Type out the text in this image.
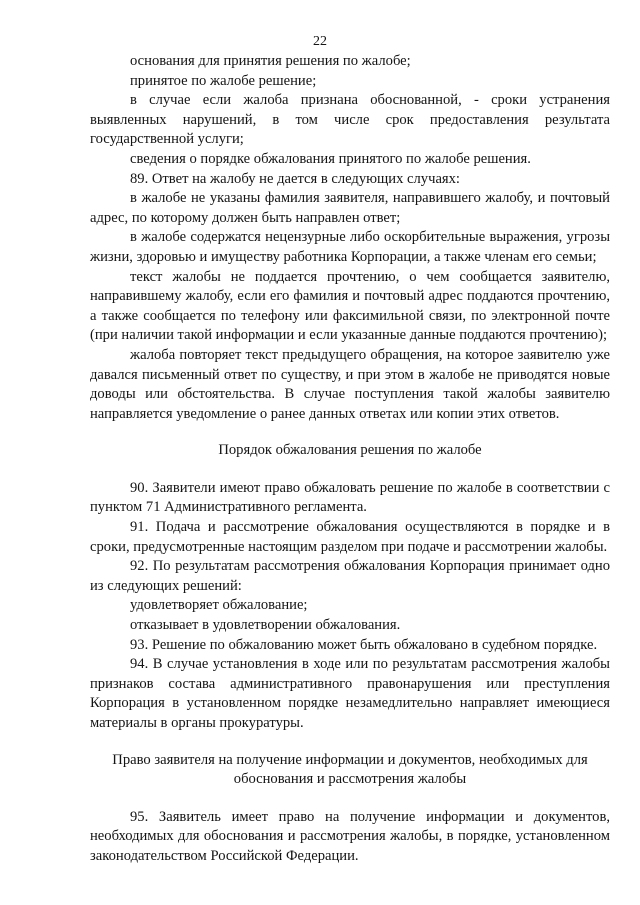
22

основания для принятия решения по жалобе;

принятое по жалобе решение;

в случае если жалоба признана обоснованной, - сроки устранения выявленных нарушений, в том числе срок предоставления результата государственной услуги;

сведения о порядке обжалования принятого по жалобе решения.

89. Ответ на жалобу не дается в следующих случаях:

в жалобе не указаны фамилия заявителя, направившего жалобу, и почтовый адрес, по которому должен быть направлен ответ;

в жалобе содержатся нецензурные либо оскорбительные выражения, угрозы жизни, здоровью и имуществу работника Корпорации, а также членам его семьи;

текст жалобы не поддается прочтению, о чем сообщается заявителю, направившему жалобу, если его фамилия и почтовый адрес поддаются прочтению, а также сообщается по телефону или факсимильной связи, по электронной почте (при наличии такой информации и если указанные данные поддаются прочтению);

жалоба повторяет текст предыдущего обращения, на которое заявителю уже давался письменный ответ по существу, и при этом в жалобе не приводятся новые доводы или обстоятельства. В случае поступления такой жалобы заявителю направляется уведомление о ранее данных ответах или копии этих ответов.

Порядок обжалования решения по жалобе

90. Заявители имеют право обжаловать решение по жалобе в соответствии с пунктом 71 Административного регламента.

91. Подача и рассмотрение обжалования осуществляются в порядке и в сроки, предусмотренные настоящим разделом при подаче и рассмотрении жалобы.

92. По результатам рассмотрения обжалования Корпорация принимает одно из следующих решений:

удовлетворяет обжалование;

отказывает в удовлетворении обжалования.

93. Решение по обжалованию может быть обжаловано в судебном порядке.

94. В случае установления в ходе или по результатам рассмотрения жалобы признаков состава административного правонарушения или преступления Корпорация в установленном порядке незамедлительно направляет имеющиеся материалы в органы прокуратуры.

Право заявителя на получение информации и документов, необходимых для
обоснования и рассмотрения жалобы

95. Заявитель имеет право на получение информации и документов, необходимых для обоснования и рассмотрения жалобы, в порядке, установленном законодательством Российской Федерации.
